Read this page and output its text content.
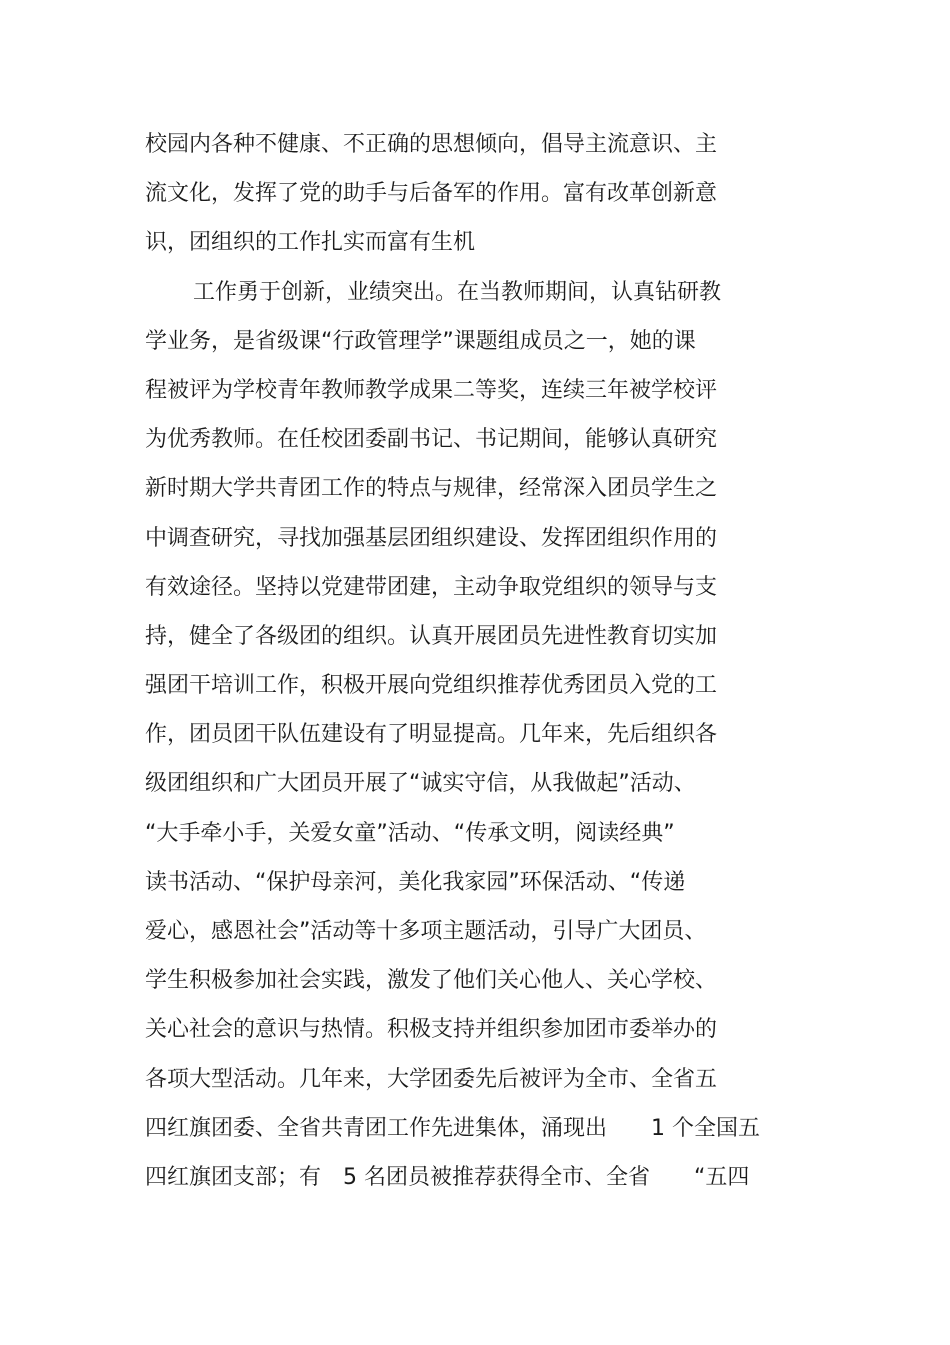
校园内各种不健康、不正确的思想倾向，倡导主流意识、主
流文化，发挥了党的助手与后备军的作用。富有改革创新意
识，团组织的工作扎实而富有生机
工作勇于创新，业绩突出。在当教师期间，认真钻研教
学业务，是省级课“行政管理学”课题组成员之一，她的课
程被评为学校青年教师教学成果二等奖，连续三年被学校评
为优秀教师。在任校团委副书记、书记期间，能够认真研究
新时期大学共青团工作的特点与规律，经常深入团员学生之
中调查研究，寻找加强基层团组织建设、发挥团组织作用的
有效途径。坚持以党建带团建，主动争取党组织的领导与支
持，健全了各级团的组织。认真开展团员先进性教育切实加
强团干培训工作，积极开展向党组织推荐优秀团员入党的工
作，团员团干队伍建设有了明显提高。几年来，先后组织各
级团组织和广大团员开展了“诚实守信，从我做起”活动、
“大手牵小手，关爱女童”活动、“传承文明，阅读经典”
读书活动、“保护母亲河，美化我家园”环保活动、“传递
爱心，感恩社会”活动等十多项主题活动，引导广大团员、
学生积极参加社会实践，激发了他们关心他人、关心学校、
关心社会的意识与热情。积极支持并组织参加团市委举办的
各项大型活动。几年来，大学团委先后被评为全市、全省五
四红旗团委、全省共青团工作先进集体，涌现出　　1 个全国五
四红旗团支部；有　5 名团员被推荐获得全市、全省　　“五四
